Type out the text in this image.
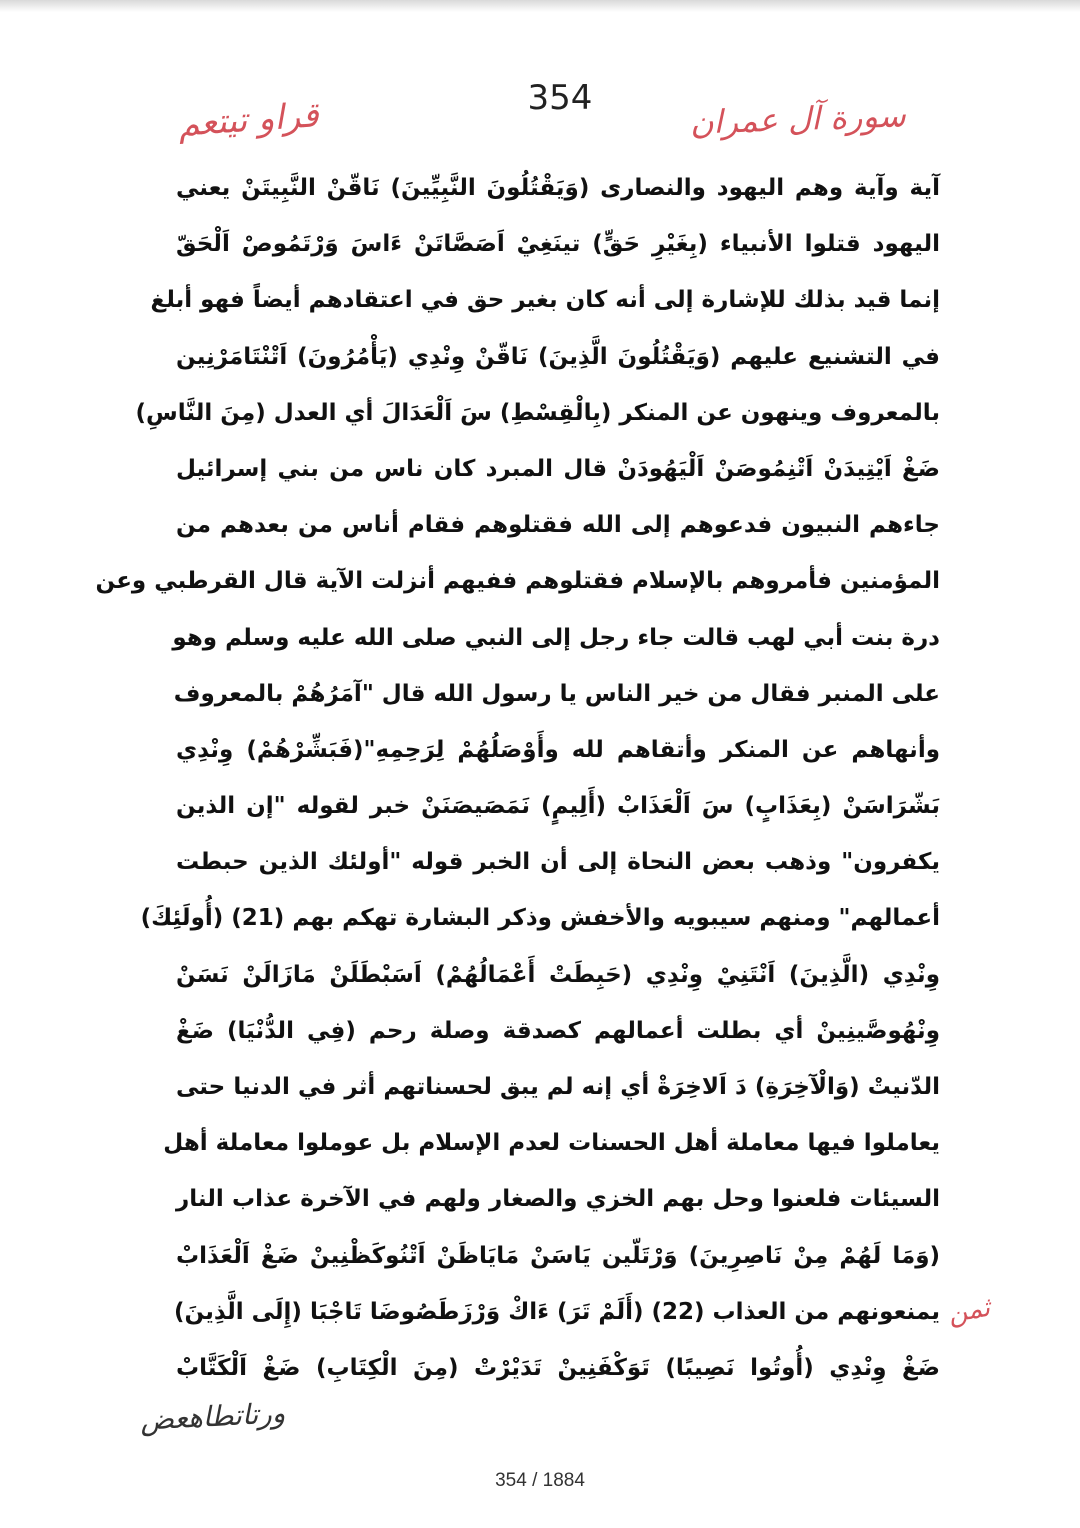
354
قراو تيتعم	سورة آل عمران
آية وآية وهم اليهود والنصارى (وَيَقْتُلُونَ النَّبِيِّينَ) نَاقّنْ النَّبِيتَنْ يعني
اليهود قتلوا الأنبياء (بِغَيْرِ حَقٍّ) تينَغِيْ اَصَصَّاتَنْ ءَاسَ وَرْتَمُوصْ اَلْحَقّ
إنما قيد بذلك للإشارة إلى أنه كان بغير حق في اعتقادهم أيضاً فهو أبلغ
في التشنيع عليهم (وَيَقْتُلُونَ الَّذِينَ) نَاقّنْ وِنْدِي (يَأْمُرُونَ) اَتْنْتَامَرْنِين
بالمعروف وينهون عن المنكر (بِالْقِسْطِ) سَ اَلْعَدَالَ أي العدل (مِنَ النَّاسِ)
ضَغْ اَيْتِيدَنْ اَتْنِمُوصَنْ اَلْيَهُودَنْ قال المبرد كان ناس من بني إسرائيل
جاءهم النبيون فدعوهم إلى الله فقتلوهم فقام أناس من بعدهم من
المؤمنين فأمروهم بالإسلام فقتلوهم ففيهم أنزلت الآية قال القرطبي وعن
درة بنت أبي لهب قالت جاء رجل إلى النبي صلى الله عليه وسلم وهو
على المنبر فقال من خير الناس يا رسول الله قال "آمَرُهُمْ بالمعروف
وأنهاهم عن المنكر وأتقاهم لله وأَوْصَلُهُمْ لِرَحِمِهِ"(فَبَشِّرْهُمْ) وِنْدِي
بَشّرَاسَنْ (بِعَذَابٍ) سَ اَلْعَذَابْ (أَلِيمٍ) نَمَصَيصَنَنْ خبر لقوله "إن الذين
يكفرون" وذهب بعض النحاة إلى أن الخبر قوله "أولئك الذين حبطت
أعمالهم" ومنهم سيبويه والأخفش وذكر البشارة تهكم بهم (21) (أُولَئِكَ)
وِنْدِي (الَّذِينَ) اَنْتَنِيْ وِنْدِي (حَبِطَتْ أَعْمَالُهُمْ) اَسَبْطَلَنْ مَازَالَنْ نَسَنْ
وِنْهُوصَّينِينْ أي بطلت أعمالهم كصدقة وصلة رحم (فِي الدُّنْيَا) ضَغْ
الدّنيتْ (وَالْآخِرَةِ) دَ اَلاخِرَةْ أي إنه لم يبق لحسناتهم أثر في الدنيا حتى
يعاملوا فيها معاملة أهل الحسنات لعدم الإسلام بل عوملوا معاملة أهل
السيئات فلعنوا وحل بهم الخزي والصغار ولهم في الآخرة عذاب النار
(وَمَا لَهُمْ مِنْ نَاصِرِينَ) وَرْتَلّين يَاسَنْ مَايَاظَنْ اَتْنُوكَظْنِينْ ضَغْ اَلْعَذَابْ
يمنعونهم من العذاب (22) (أَلَمْ تَرَ) ءَاكْ وَرْزَطَصُوضَا تَاجْبَا (إِلَى الَّذِينَ)
ضَغْ وِنْدِي (أُوتُوا نَصِيبًا) تَوَكْفَنِينْ تَدَيْرْتْ (مِنَ الْكِتَابِ) ضَغْ اَلْكَتَّابْ
ثمن
ورتاتطاهعض
354 / 1884
